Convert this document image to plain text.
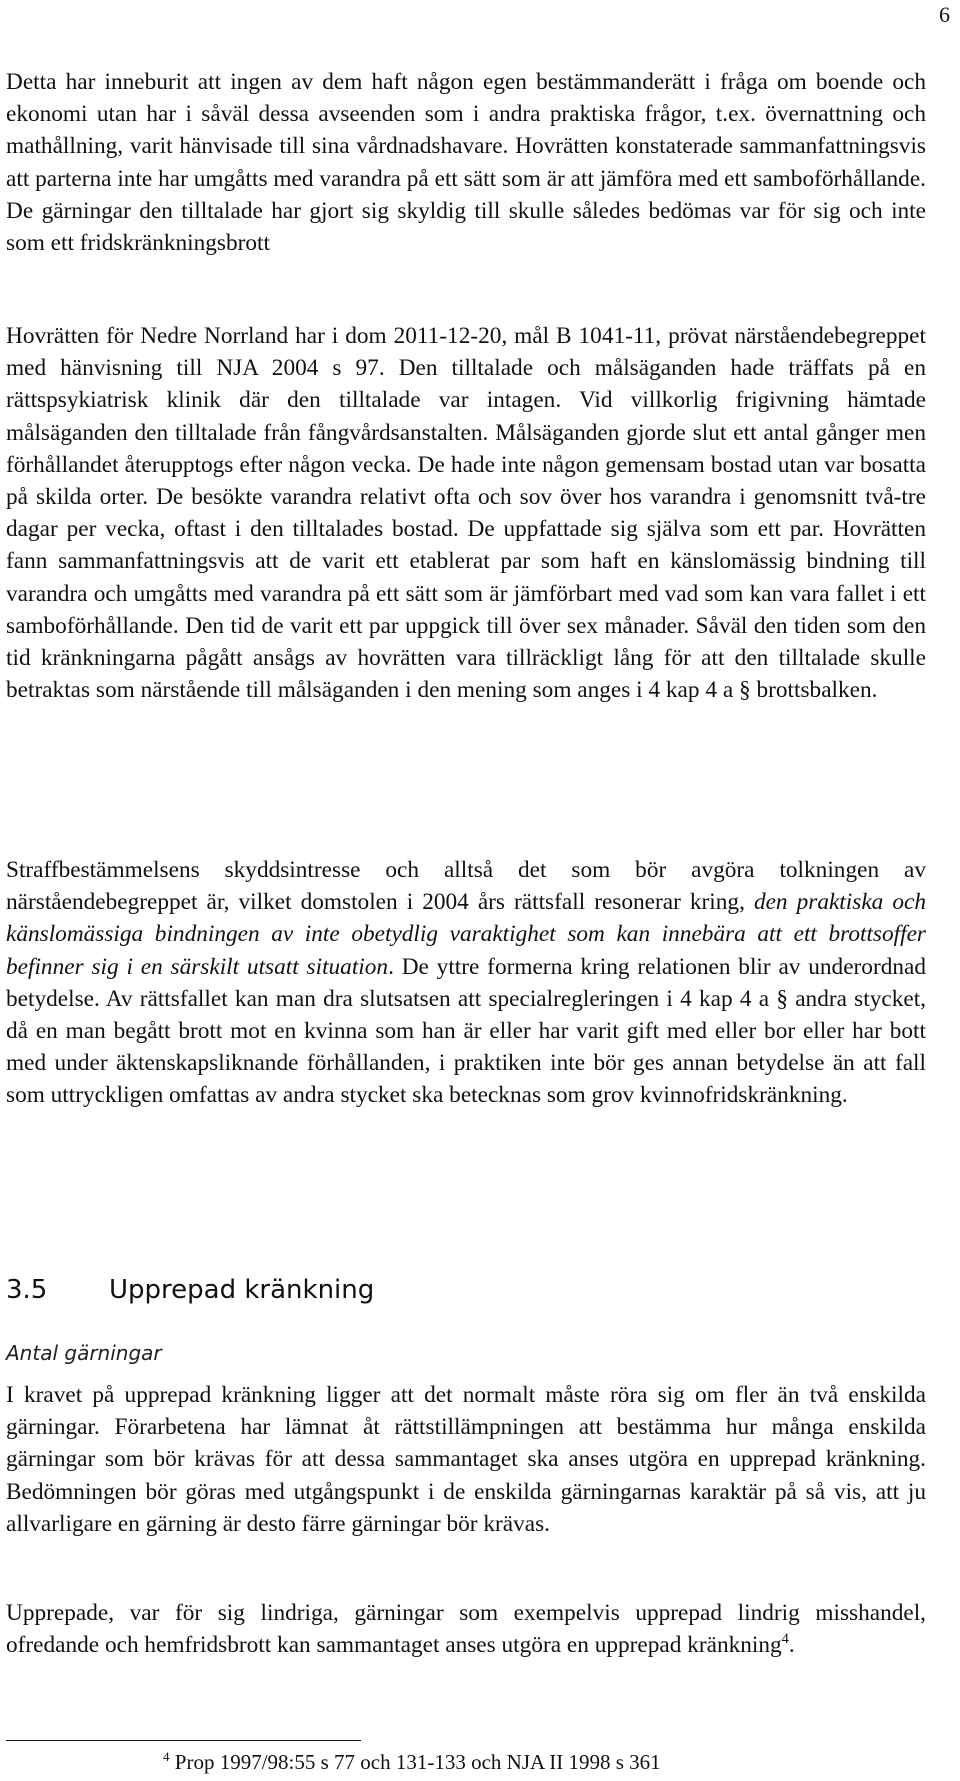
6

Detta har inneburit att ingen av dem haft någon egen bestämmanderätt i fråga om boende och ekonomi utan har i såväl dessa avseenden som i andra praktiska frågor, t.ex. övernattning och mathållning, varit hänvisade till sina vårdnadshavare. Hovrätten konstaterade sammanfattningsvis att parterna inte har umgåtts med varandra på ett sätt som är att jämföra med ett samboförhållande. De gärningar den tilltalade har gjort sig skyldig till skulle således bedömas var för sig och inte som ett fridskränkningsbrott

Hovrätten för Nedre Norrland har i dom 2011-12-20, mål B 1041-11, prövat närståendebegreppet med hänvisning till NJA 2004 s 97. Den tilltalade och målsäganden hade träffats på en rättspsykiatrisk klinik där den tilltalade var intagen. Vid villkorlig frigivning hämtade målsäganden den tilltalade från fångvårdsanstalten. Målsäganden gjorde slut ett antal gånger men förhållandet återupptogs efter någon vecka. De hade inte någon gemensam bostad utan var bosatta på skilda orter. De besökte varandra relativt ofta och sov över hos varandra i genomsnitt två-tre dagar per vecka, oftast i den tilltalades bostad. De uppfattade sig själva som ett par. Hovrätten fann sammanfattningsvis att de varit ett etablerat par som haft en känslomässig bindning till varandra och umgåtts med varandra på ett sätt som är jämförbart med vad som kan vara fallet i ett samboförhållande. Den tid de varit ett par uppgick till över sex månader. Såväl den tiden som den tid kränkningarna pågått ansågs av hovrätten vara tillräckligt lång för att den tilltalade skulle betraktas som närstående till målsäganden i den mening som anges i 4 kap 4 a § brottsbalken.

Straffbestämmelsens skyddsintresse och alltså det som bör avgöra tolkningen av närståendebegreppet är, vilket domstolen i 2004 års rättsfall resonerar kring, den praktiska och känslomässiga bindningen av inte obetydlig varaktighet som kan innebära att ett brottsoffer befinner sig i en särskilt utsatt situation. De yttre formerna kring relationen blir av underordnad betydelse. Av rättsfallet kan man dra slutsatsen att specialregleringen i 4 kap 4 a § andra stycket, då en man begått brott mot en kvinna som han är eller har varit gift med eller bor eller har bott med under äktenskapsliknande förhållanden, i praktiken inte bör ges annan betydelse än att fall som uttryckligen omfattas av andra stycket ska betecknas som grov kvinnofridskränkning.

3.5 Upprepad kränkning
Antal gärningar

I kravet på upprepad kränkning ligger att det normalt måste röra sig om fler än två enskilda gärningar. Förarbetena har lämnat åt rättstillämpningen att bestämma hur många enskilda gärningar som bör krävas för att dessa sammantaget ska anses utgöra en upprepad kränkning. Bedömningen bör göras med utgångspunkt i de enskilda gärningarnas karaktär på så vis, att ju allvarligare en gärning är desto färre gärningar bör krävas.

Upprepade, var för sig lindriga, gärningar som exempelvis upprepad lindrig misshandel, ofredande och hemfridsbrott kan sammantaget anses utgöra en upprepad kränkning$^4$.

$^4$ Prop 1997/98:55 s 77 och 131-133 och NJA II 1998 s 361
